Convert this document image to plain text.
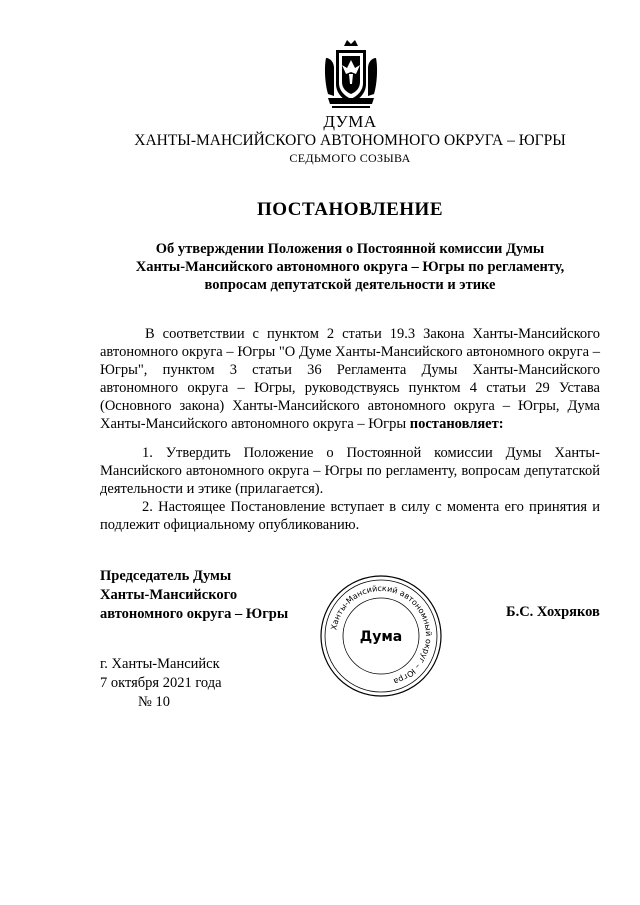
ДУМА
ХАНТЫ-МАНСИЙСКОГО АВТОНОМНОГО ОКРУГА – ЮГРЫ
СЕДЬМОГО СОЗЫВА
ПОСТАНОВЛЕНИЕ
Об утверждении Положения о Постоянной комиссии Думы
Ханты-Мансийского автономного округа – Югры по регламенту,
вопросам депутатской деятельности и этике
В соответствии с пунктом 2 статьи 19.3 Закона Ханты-Мансийского автономного округа – Югры "О Думе Ханты-Мансийского автономного округа – Югры", пунктом 3 статьи 36 Регламента Думы Ханты-Мансийского автономного округа – Югры, руководствуясь пунктом 4 статьи 29 Устава (Основного закона) Ханты-Мансийского автономного округа – Югры, Дума Ханты-Мансийского автономного округа – Югры постановляет:

1. Утвердить Положение о Постоянной комиссии Думы Ханты-Мансийского автономного округа – Югры по регламенту, вопросам депутатской деятельности и этике (прилагается).

2. Настоящее Постановление вступает в силу с момента его принятия и подлежит официальному опубликованию.

Председатель Думы
Ханты-Мансийского
автономного округа – Югры
Ханты-Мансийский автономный округ – Югра
Дума
Б.С. Хохряков
г. Ханты-Мансийск
7 октября 2021 года
№ 10
